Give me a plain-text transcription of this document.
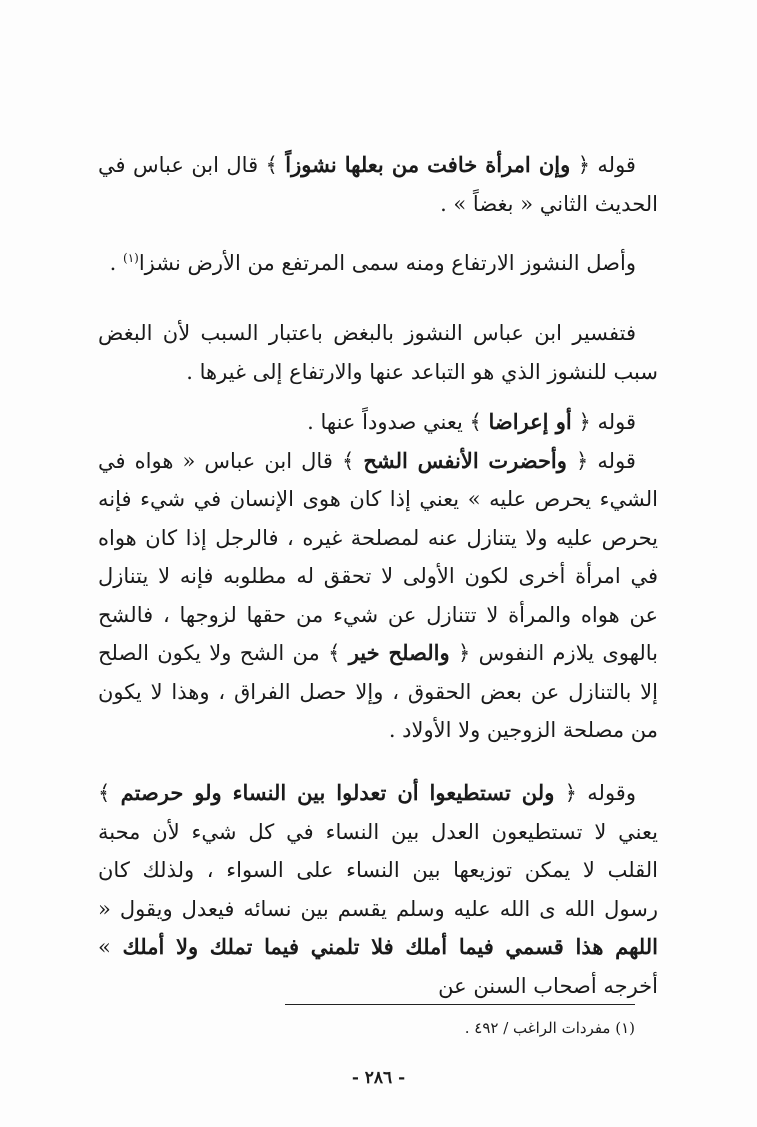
قوله ﴿ وإن امرأة خافت من بعلها نشوزاً ﴾ قال ابن عباس في الحديث الثاني « بغضاً » .

وأصل النشوز الارتفاع ومنه سمى المرتفع من الأرض نشزا$^{(١)}$ .

فتفسير ابن عباس النشوز بالبغض باعتبار السبب لأن البغض سبب للنشوز الذي هو التباعد عنها والارتفاع إلى غيرها .

قوله ﴿ أو إعراضا ﴾ يعني صدوداً عنها .
قوله ﴿ وأحضرت الأنفس الشح ﴾ قال ابن عباس « هواه في الشيء يحرص عليه » يعني إذا كان هوى الإنسان في شيء فإنه يحرص عليه ولا يتنازل عنه لمصلحة غيره ، فالرجل إذا كان هواه في امرأة أخرى لكون الأولى لا تحقق له مطلوبه فإنه لا يتنازل عن هواه والمرأة لا تتنازل عن شيء من حقها لزوجها ، فالشح بالهوى يلازم النفوس ﴿ والصلح خير ﴾ من الشح ولا يكون الصلح إلا بالتنازل عن بعض الحقوق ، وإلا حصل الفراق ، وهذا لا يكون من مصلحة الزوجين ولا الأولاد .

وقوله ﴿ ولن تستطيعوا أن تعدلوا بين النساء ولو حرصتم ﴾ يعني لا تستطيعون العدل بين النساء في كل شيء لأن محبة القلب لا يمكن توزيعها بين النساء على السواء ، ولذلك كان رسول الله ى الله عليه وسلم يقسم بين نسائه فيعدل ويقول « اللهم هذا قسمي فيما أملك فلا تلمني فيما تملك ولا أملك » أخرجه أصحاب السنن عن

(١) مفردات الراغب / ٤٩٢ .

- ٢٨٦ -
